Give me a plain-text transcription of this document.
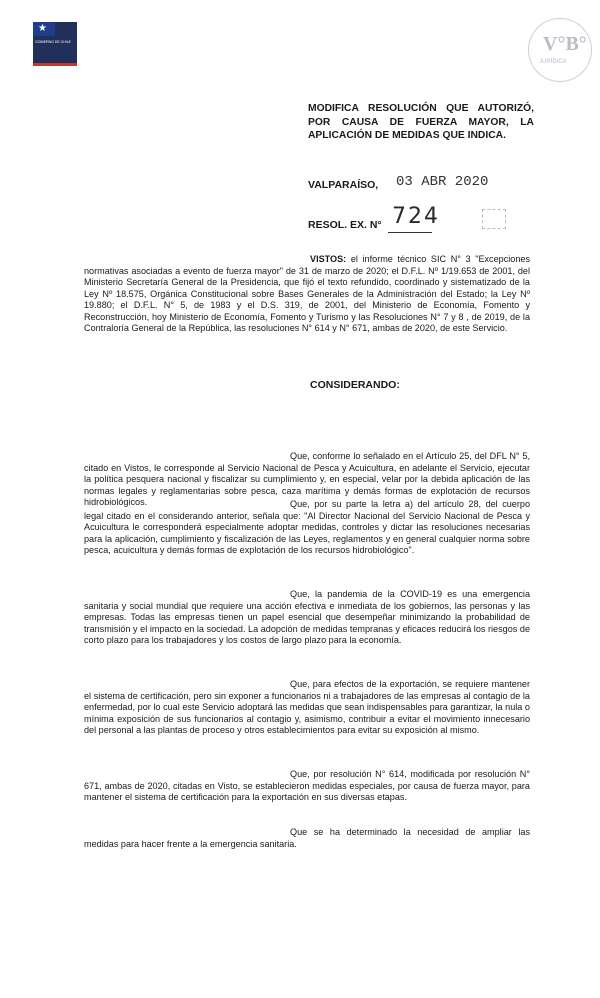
★
GOBIERNO DE CHILE	V°B°
JURÍDICA
MODIFICA RESOLUCIÓN QUE AUTORIZÓ, POR CAUSA DE FUERZA MAYOR, LA APLICACIÓN DE MEDIDAS QUE INDICA.
VALPARAÍSO, 03 ABR 2020
RESOL. EX. N° 724
VISTOS: el informe técnico SIC N° 3 "Excepciones normativas asociadas a evento de fuerza mayor" de 31 de marzo de 2020; el D.F.L. Nº 1/19.653 de 2001, del Ministerio Secretaría General de la Presidencia, que fijó el texto refundido, coordinado y sistematizado de la Ley Nº 18.575, Orgánica Constitucional sobre Bases Generales de la Administración del Estado; la Ley Nº 19.880; el D.F.L. N° 5, de 1983 y el D.S. 319, de 2001, del Ministerio de Economía, Fomento y Reconstrucción, hoy Ministerio de Economía, Fomento y Turismo y las Resoluciones N° 7 y 8 , de 2019, de la Contraloría General de la República, las resoluciones N° 614 y N° 671, ambas de 2020, de este Servicio.
CONSIDERANDO:
Que, conforme lo señalado en el Artículo 25, del DFL N° 5, citado en Vistos, le corresponde al Servicio Nacional de Pesca y Acuicultura, en adelante el Servicio, ejecutar la política pesquera nacional y fiscalizar su cumplimiento y, en especial, velar por la debida aplicación de las normas legales y reglamentarias sobre pesca, caza marítima y demás formas de explotación de recursos hidrobiológicos.	Que, por su parte la letra a) del artículo 28, del cuerpo legal citado en el considerando anterior, señala que: "Al Director Nacional del Servicio Nacional de Pesca y Acuicultura le corresponderá especialmente adoptar medidas, controles y dictar las resoluciones necesarias para la aplicación, cumplimiento y fiscalización de las Leyes, reglamentos y en general cualquier norma sobre pesca, acuicultura y demás formas de explotación de los recursos hidrobiológico".
Que, la pandemia de la COVID-19 es una emergencia sanitaria y social mundial que requiere una acción efectiva e inmediata de los gobiernos, las personas y las empresas. Todas las empresas tienen un papel esencial que desempeñar minimizando la probabilidad de transmisión y el impacto en la sociedad. La adopción de medidas tempranas y eficaces reducirá los riesgos de corto plazo para los trabajadores y los costos de largo plazo para la economía.
Que, para efectos de la exportación, se requiere mantener el sistema de certificación, pero sin exponer a funcionarios ni a trabajadores de las empresas al contagio de la enfermedad, por lo cual este Servicio adoptará las medidas que sean indispensables para garantizar, la nula o mínima exposición de sus funcionarios al contagio y, asimismo, contribuir a evitar el movimiento innecesario del personal a las plantas de proceso y otros establecimientos para evitar su exposición al mismo.
Que, por resolución N° 614, modificada por resolución N° 671, ambas de 2020, citadas en Visto, se establecieron medidas especiales, por causa de fuerza mayor, para mantener el sistema de certificación para la exportación en sus diversas etapas.
Que se ha determinado la necesidad de ampliar las medidas para hacer frente a la emergencia sanitaria.
